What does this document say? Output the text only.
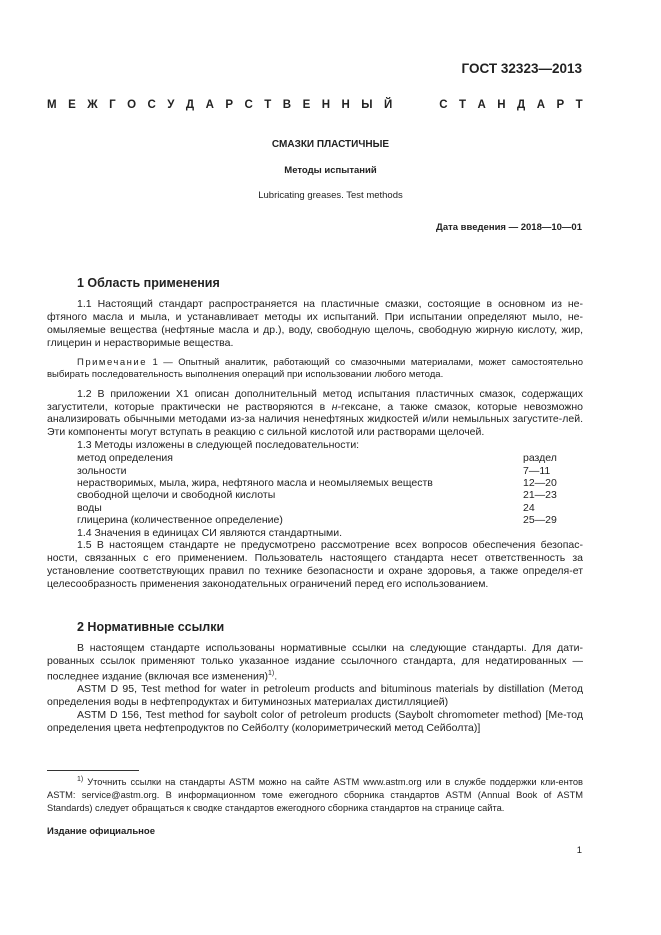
ГОСТ 32323—2013
М Е Ж Г О С У Д А Р С Т В Е Н Н Ы Й	С Т А Н Д А Р Т
СМАЗКИ ПЛАСТИЧНЫЕ
Методы испытаний
Lubricating greases. Test methods
Дата введения — 2018—10—01
1 Область применения

1.1 Настоящий стандарт распространяется на пластичные смазки, состоящие в основном из не-фтяного масла и мыла, и устанавливает методы их испытаний. При испытании определяют мыло, не-омыляемые вещества (нефтяные масла и др.), воду, свободную щелочь, свободную жирную кислоту, жир, глицерин и нерастворимые вещества.

Примечание 1 — Опытный аналитик, работающий со смазочными материалами, может самостоятельно выбирать последовательность выполнения операций при использовании любого метода.

1.2 В приложении X1 описан дополнительный метод испытания пластичных смазок, содержащих загустители, которые практически не растворяются в н-гексане, а также смазок, которые невозможно анализировать обычными методами из-за наличия ненефтяных жидкостей и/или немыльных загустите-лей. Эти компоненты могут вступать в реакцию с сильной кислотой или растворами щелочей.

1.3 Методы изложены в следующей последовательности:

метод определения	раздел
зольности	7—11
нерастворимых, мыла, жира, нефтяного масла и неомыляемых веществ	12—20
свободной щелочи и свободной кислоты	21—23
воды	24
глицерина (количественное определение)	25—29

1.4 Значения в единицах СИ являются стандартными.

1.5 В настоящем стандарте не предусмотрено рассмотрение всех вопросов обеспечения безопас-ности, связанных с его применением. Пользователь настоящего стандарта несет ответственность за установление соответствующих правил по технике безопасности и охране здоровья, а также определя-ет целесообразность применения законодательных ограничений перед его использованием.

2 Нормативные ссылки

В настоящем стандарте использованы нормативные ссылки на следующие стандарты. Для дати-рованных ссылок применяют только указанное издание ссылочного стандарта, для недатированных — последнее издание (включая все изменения)$^{1)}$.

ASTM D 95, Test method for water in petroleum products and bituminous materials by distillation (Метод определения воды в нефтепродуктах и битуминозных материалах дистилляцией)

ASTM D 156, Test method for saybolt color of petroleum products (Saybolt chromometer method) [Ме-тод определения цвета нефтепродуктов по Сейболту (колориметрический метод Сейболта)]

$^{1)}$ Уточнить ссылки на стандарты ASTM можно на сайте ASTM www.astm.org или в службе поддержки кли-ентов ASTM: service@astm.org. В информационном томе ежегодного сборника стандартов ASTM (Annual Book of ASTM Standards) следует обращаться к сводке стандартов ежегодного сборника стандартов на странице сайта.

Издание официальное
1
